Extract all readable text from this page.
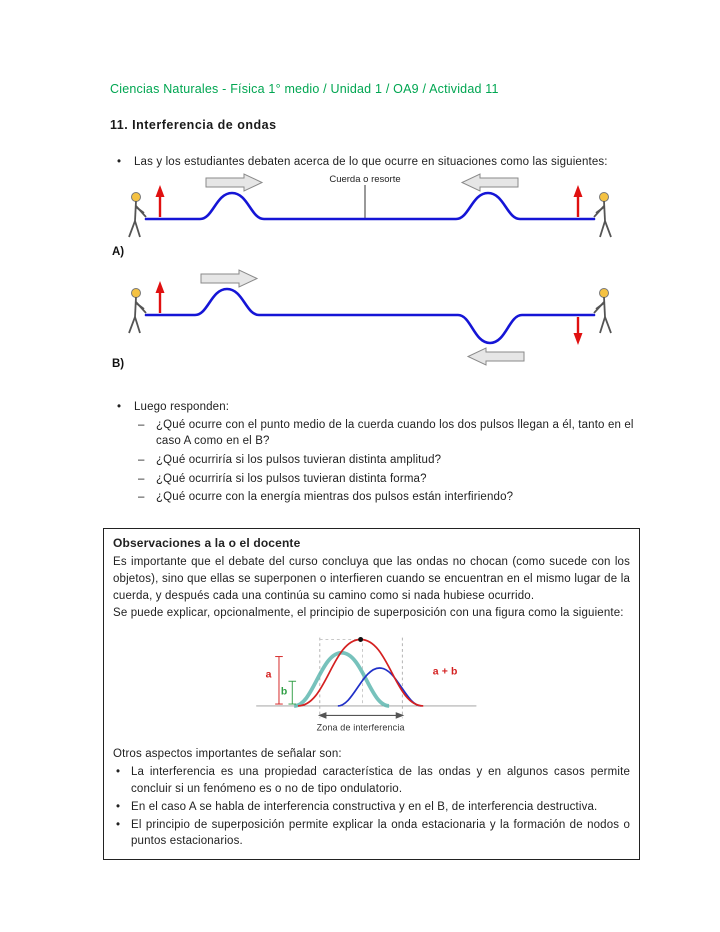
Ciencias Naturales - Física 1° medio / Unidad 1 / OA9 / Actividad 11
11. Interferencia de ondas
•	Las y los estudiantes debaten acerca de lo que ocurre en situaciones como las siguientes:
Cuerda o resorte
A)
B)
•	Luego responden:
– ¿Qué ocurre con el punto medio de la cuerda cuando los dos pulsos llegan a él, tanto en el caso A como en el B?
– ¿Qué ocurriría si los pulsos tuvieran distinta amplitud?
– ¿Qué ocurriría si los pulsos tuvieran distinta forma?
– ¿Qué ocurre con la energía mientras dos pulsos están interfiriendo?
Observaciones a la o el docente
Es importante que el debate del curso concluya que las ondas no chocan (como sucede con los objetos), sino que ellas se superponen o interfieren cuando se encuentran en el mismo lugar de la cuerda, y después cada una continúa su camino como si nada hubiese ocurrido.
Se puede explicar, opcionalmente, el principio de superposición con una figura como la siguiente:
a
b
a + b
Zona de interferencia
Otros aspectos importantes de señalar son:
• La interferencia es una propiedad característica de las ondas y en algunos casos permite concluir si un fenómeno es o no de tipo ondulatorio.
• En el caso A se habla de interferencia constructiva y en el B, de interferencia destructiva.
• El principio de superposición permite explicar la onda estacionaria y la formación de nodos o puntos estacionarios.
